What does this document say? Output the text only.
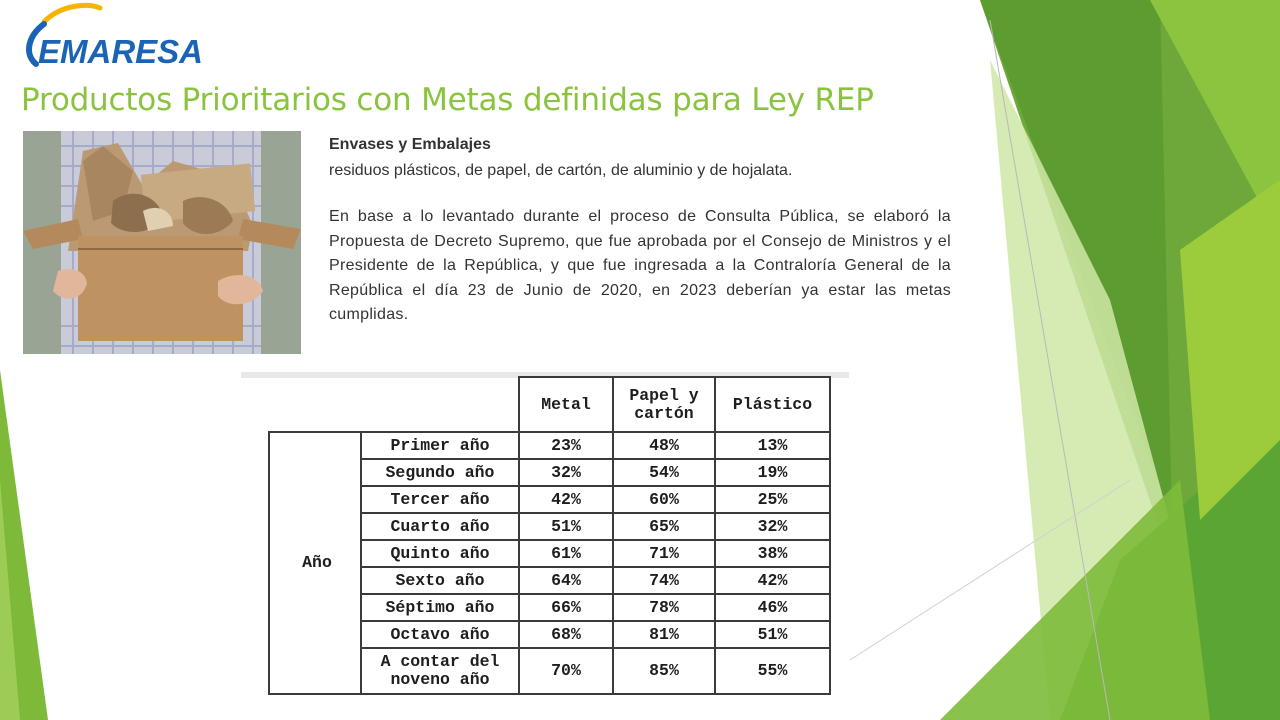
EMARESA
Productos Prioritarios con Metas definidas para Ley REP

Envases y Embalajes

residuos plásticos, de papel, de cartón, de aluminio y de hojalata.

En base a lo levantado durante el proceso de Consulta Pública, se elaboró la Propuesta de Decreto Supremo, que fue aprobada por el Consejo de Ministros y el Presidente de la República, y que fue ingresada a la Contraloría General de la República el día 23 de Junio de 2020, en 2023 deberían ya estar las metas cumplidas.

		Metal	Papel y cartón	Plástico
Año	Primer año	23%	48%	13%
	Segundo año	32%	54%	19%
	Tercer año	42%	60%	25%
	Cuarto año	51%	65%	32%
	Quinto año	61%	71%	38%
	Sexto año	64%	74%	42%
	Séptimo año	66%	78%	46%
	Octavo año	68%	81%	51%
	A contar del noveno año	70%	85%	55%
